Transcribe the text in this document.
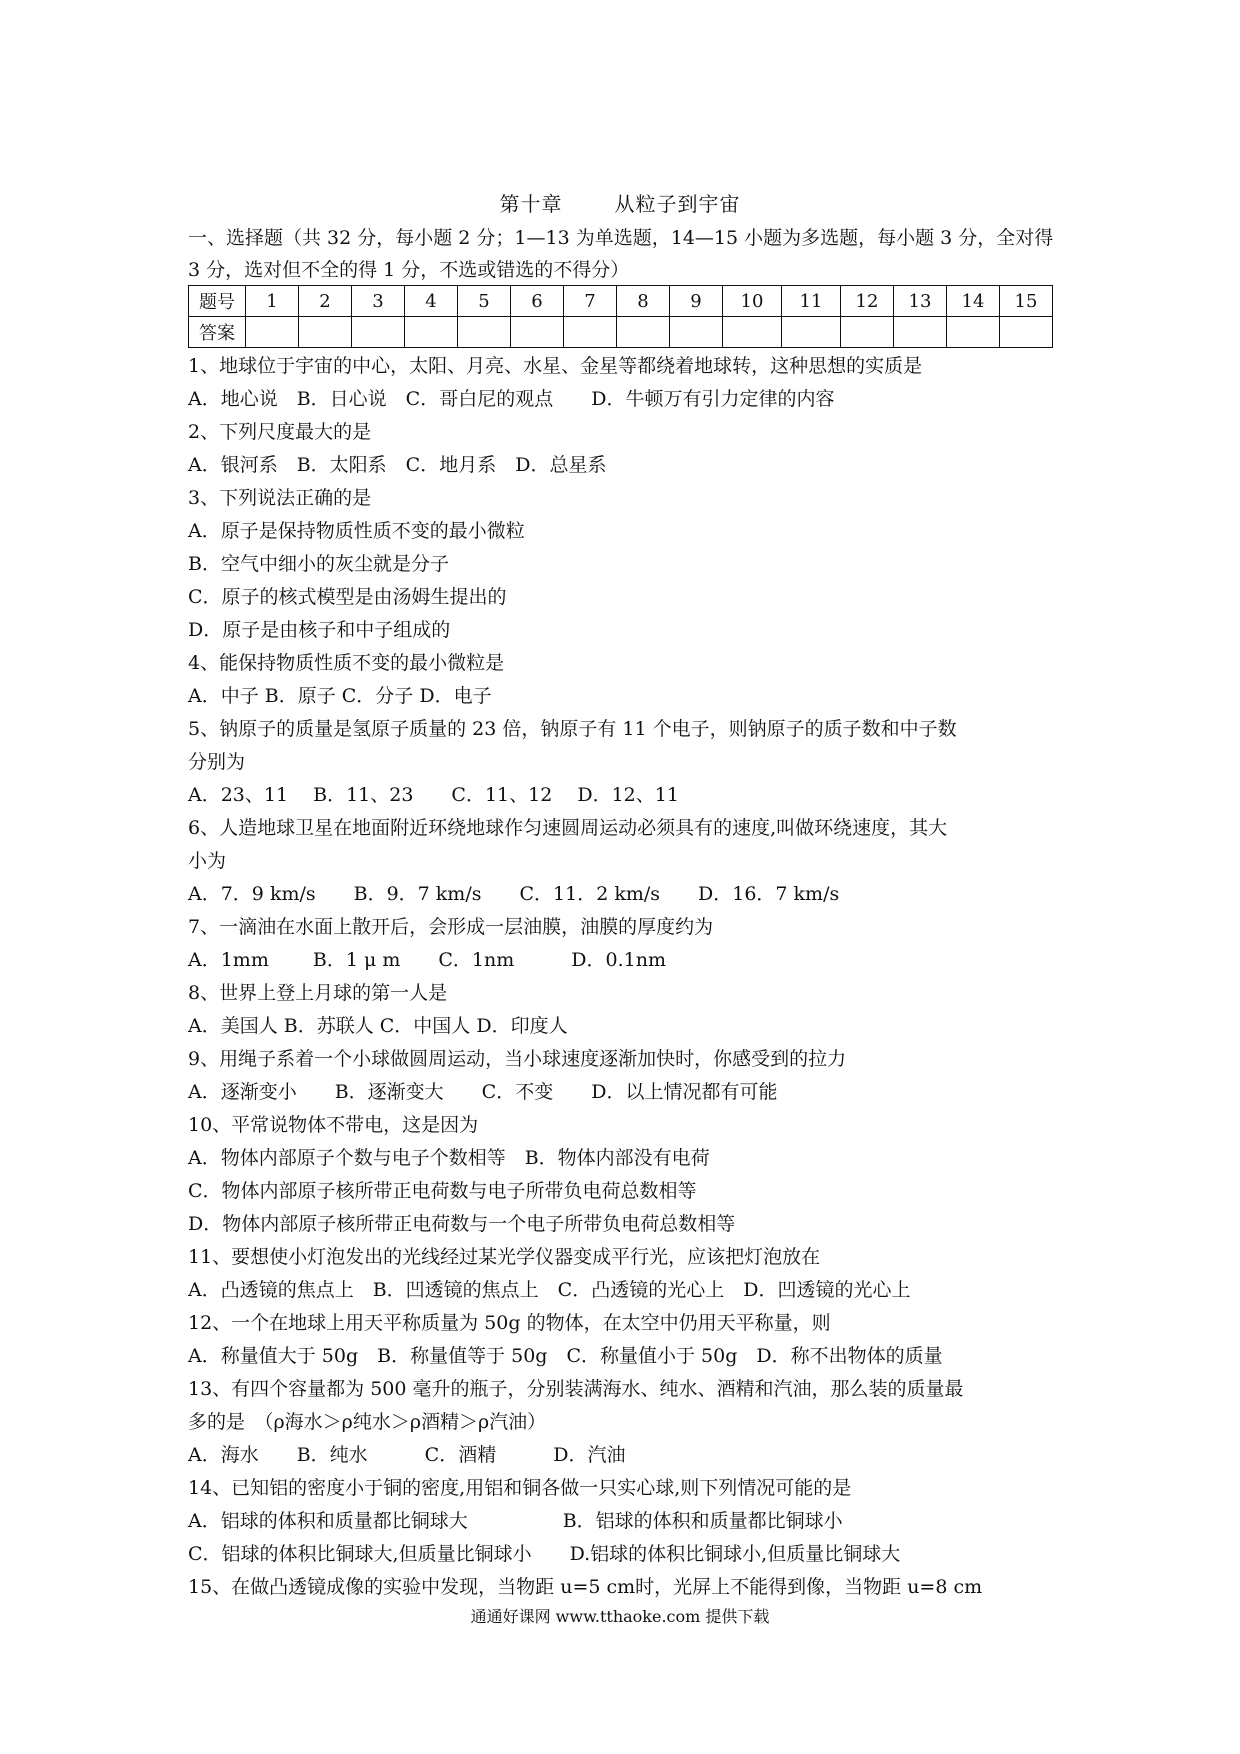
第十章	从粒子到宇宙
一、选择题（共 32 分，每小题 2 分；1—13 为单选题，14—15 小题为多选题，每小题 3 分，全对得 3 分，选对但不全的得 1 分，不选或错选的不得分）
题号	1	2	3	4	5	6	7	8	9	10	11	12	13	14	15
答案															
1、地球位于宇宙的中心，太阳、月亮、水星、金星等都绕着地球转，这种思想的实质是
A．地心说　B．日心说　C．哥白尼的观点　　D．牛顿万有引力定律的内容
2、下列尺度最大的是
A．银河系　B．太阳系　C．地月系　D．总星系
3、下列说法正确的是
A．原子是保持物质性质不变的最小微粒
B．空气中细小的灰尘就是分子
C．原子的核式模型是由汤姆生提出的
D．原子是由核子和中子组成的
4、能保持物质性质不变的最小微粒是
A．中子 B．原子 C．分子 D．电子
5、钠原子的质量是氢原子质量的 23 倍，钠原子有 11 个电子，则钠原子的质子数和中子数
分别为
A．23、11　 B．11、23　　C．11、12　 D．12、11
6、人造地球卫星在地面附近环绕地球作匀速圆周运动必须具有的速度,叫做环绕速度，其大
小为
A．7．9 km/s　　B．9．7 km/s　　C．11．2 km/s　　D．16．7 km/s
7、一滴油在水面上散开后，会形成一层油膜，油膜的厚度约为
A．1mm　　 B．1 μ m　　C．1nm　　　D．0.1nm
8、世界上登上月球的第一人是
A．美国人 B．苏联人 C．中国人 D．印度人
9、用绳子系着一个小球做圆周运动，当小球速度逐渐加快时，你感受到的拉力
A．逐渐变小　　B．逐渐变大　　C．不变　　D．以上情况都有可能
10、平常说物体不带电，这是因为
A．物体内部原子个数与电子个数相等　B．物体内部没有电荷
C．物体内部原子核所带正电荷数与电子所带负电荷总数相等
D．物体内部原子核所带正电荷数与一个电子所带负电荷总数相等
11、要想使小灯泡发出的光线经过某光学仪器变成平行光，应该把灯泡放在
A．凸透镜的焦点上　B．凹透镜的焦点上　C．凸透镜的光心上　D．凹透镜的光心上
12、一个在地球上用天平称质量为 50g 的物体，在太空中仍用天平称量，则
A．称量值大于 50g　B．称量值等于 50g　C．称量值小于 50g　D．称不出物体的质量
13、有四个容量都为 500 毫升的瓶子，分别装满海水、纯水、酒精和汽油，那么装的质量最
多的是　（ρ海水＞ρ纯水＞ρ酒精＞ρ汽油）
A．海水　　B．纯水　　　C．酒精　　　D．汽油
14、已知铝的密度小于铜的密度,用铝和铜各做一只实心球,则下列情况可能的是
A．铝球的体积和质量都比铜球大　　　　　B．铝球的体积和质量都比铜球小
C．铝球的体积比铜球大,但质量比铜球小　　D.铝球的体积比铜球小,但质量比铜球大
15、在做凸透镜成像的实验中发现，当物距 u=5 cm时，光屏上不能得到像，当物距 u=8 cm
通通好课网 www.tthaoke.com 提供下载
